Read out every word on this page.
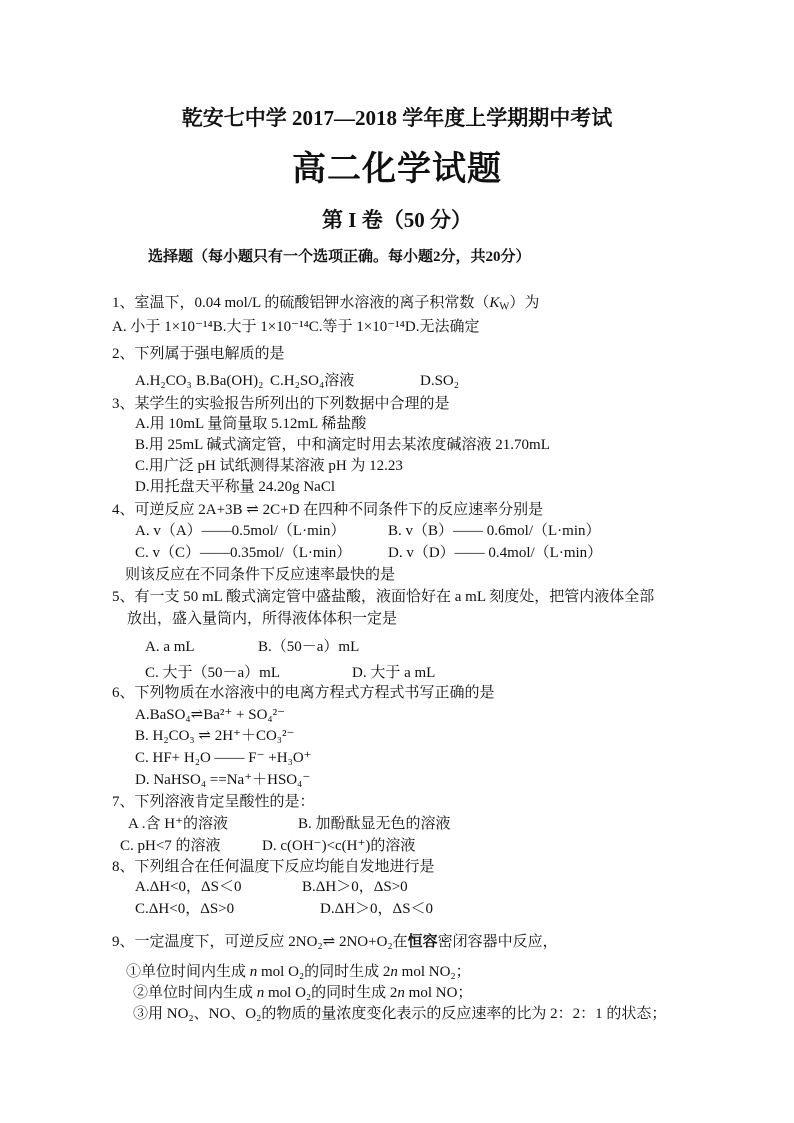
乾安七中学 2017—2018 学年度上学期期中考试
高二化学试题
第 I 卷（50 分）
选择题（每小题只有一个选项正确。每小题2分，共20分）
1、室温下，0.04 mol/L 的硫酸铝钾水溶液的离子积常数$(K_W)$为
A. 小于 1×10⁻¹⁴B.大于 1×10⁻¹⁴C.等于 1×10⁻¹⁴D.无法确定
2、下列属于强电解质的是
A.H₂CO₃ B.Ba(OH)₂ C.H₂SO₄溶液	D.SO₂
3、某学生的实验报告所列出的下列数据中合理的是
A.用 10mL 量筒量取 5.12mL 稀盐酸
B.用 25mL 碱式滴定管，中和滴定时用去某浓度碱溶液 21.70mL
C.用广泛 pH 试纸测得某溶液 pH 为 12.23
D.用托盘天平称量 24.20g NaCl
4、可逆反应 2A+3B ⇌ 2C+D 在四种不同条件下的反应速率分别是
A. v（A）——0.5mol/（L·min）	B. v（B）—— 0.6mol/（L·min）
C. v（C）——0.35mol/（L·min） D. v（D）—— 0.4mol/（L·min）
则该反应在不同条件下反应速率最快的是
5、有一支 50 mL 酸式滴定管中盛盐酸，液面恰好在 a mL 刻度处，把管内液体全部
放出，盛入量筒内，所得液体体积一定是
A. a mL	B.（50－a）mL
C. 大于（50－a）mL	D. 大于 a mL
6、下列物质在水溶液中的电离方程式方程式书写正确的是
A.BaSO₄⇌Ba²⁺ + SO₄²⁻
B. H₂CO₃ ⇌ 2H⁺＋CO₃²⁻
C. HF+ H₂O —— F⁻ +H₃O⁺
D. NaHSO₄ ==Na⁺＋HSO₄⁻
7、下列溶液肯定呈酸性的是：
A .含 H⁺的溶液	B. 加酚酞显无色的溶液
C. pH<7 的溶液	D. c(OH⁻)<c(H⁺)的溶液
8、下列组合在任何温度下反应均能自发地进行是
A.ΔH<0，ΔS＜0	B.ΔH＞0，ΔS>0
C.ΔH<0，ΔS>0	D.ΔH＞0，ΔS＜0
9、一定温度下，可逆反应 2NO₂⇌ 2NO+O₂在恒容密闭容器中反应，
①单位时间内生成 n mol O₂的同时生成 2n mol NO₂；
②单位时间内生成 n mol O₂的同时生成 2n mol NO；
③用 NO₂、NO、O₂的物质的量浓度变化表示的反应速率的比为 2：2：1 的状态；
